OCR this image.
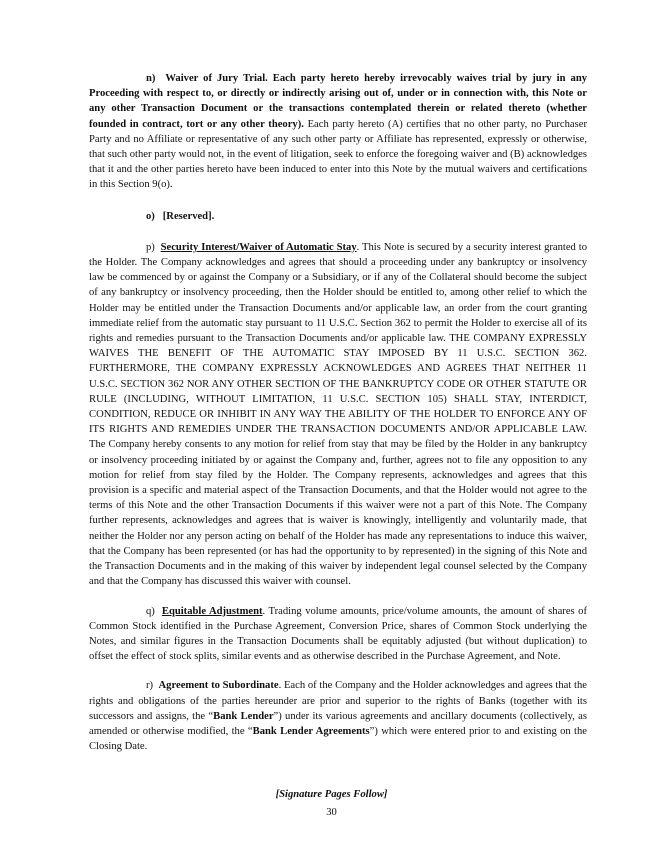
n) Waiver of Jury Trial. Each party hereto hereby irrevocably waives trial by jury in any Proceeding with respect to, or directly or indirectly arising out of, under or in connection with, this Note or any other Transaction Document or the transactions contemplated therein or related thereto (whether founded in contract, tort or any other theory). Each party hereto (A) certifies that no other party, no Purchaser Party and no Affiliate or representative of any such other party or Affiliate has represented, expressly or otherwise, that such other party would not, in the event of litigation, seek to enforce the foregoing waiver and (B) acknowledges that it and the other parties hereto have been induced to enter into this Note by the mutual waivers and certifications in this Section 9(o).

o) [Reserved].

p) Security Interest/Waiver of Automatic Stay. This Note is secured by a security interest granted to the Holder. The Company acknowledges and agrees that should a proceeding under any bankruptcy or insolvency law be commenced by or against the Company or a Subsidiary, or if any of the Collateral should become the subject of any bankruptcy or insolvency proceeding, then the Holder should be entitled to, among other relief to which the Holder may be entitled under the Transaction Documents and/or applicable law, an order from the court granting immediate relief from the automatic stay pursuant to 11 U.S.C. Section 362 to permit the Holder to exercise all of its rights and remedies pursuant to the Transaction Documents and/or applicable law. THE COMPANY EXPRESSLY WAIVES THE BENEFIT OF THE AUTOMATIC STAY IMPOSED BY 11 U.S.C. SECTION 362. FURTHERMORE, THE COMPANY EXPRESSLY ACKNOWLEDGES AND AGREES THAT NEITHER 11 U.S.C. SECTION 362 NOR ANY OTHER SECTION OF THE BANKRUPTCY CODE OR OTHER STATUTE OR RULE (INCLUDING, WITHOUT LIMITATION, 11 U.S.C. SECTION 105) SHALL STAY, INTERDICT, CONDITION, REDUCE OR INHIBIT IN ANY WAY THE ABILITY OF THE HOLDER TO ENFORCE ANY OF ITS RIGHTS AND REMEDIES UNDER THE TRANSACTION DOCUMENTS AND/OR APPLICABLE LAW. The Company hereby consents to any motion for relief from stay that may be filed by the Holder in any bankruptcy or insolvency proceeding initiated by or against the Company and, further, agrees not to file any opposition to any motion for relief from stay filed by the Holder. The Company represents, acknowledges and agrees that this provision is a specific and material aspect of the Transaction Documents, and that the Holder would not agree to the terms of this Note and the other Transaction Documents if this waiver were not a part of this Note. The Company further represents, acknowledges and agrees that is waiver is knowingly, intelligently and voluntarily made, that neither the Holder nor any person acting on behalf of the Holder has made any representations to induce this waiver, that the Company has been represented (or has had the opportunity to by represented) in the signing of this Note and the Transaction Documents and in the making of this waiver by independent legal counsel selected by the Company and that the Company has discussed this waiver with counsel.

q) Equitable Adjustment. Trading volume amounts, price/volume amounts, the amount of shares of Common Stock identified in the Purchase Agreement, Conversion Price, shares of Common Stock underlying the Notes, and similar figures in the Transaction Documents shall be equitably adjusted (but without duplication) to offset the effect of stock splits, similar events and as otherwise described in the Purchase Agreement, and Note.

r) Agreement to Subordinate. Each of the Company and the Holder acknowledges and agrees that the rights and obligations of the parties hereunder are prior and superior to the rights of Banks (together with its successors and assigns, the “Bank Lender”) under its various agreements and ancillary documents (collectively, as amended or otherwise modified, the “Bank Lender Agreements”) which were entered prior to and existing on the Closing Date.

[Signature Pages Follow]
30
